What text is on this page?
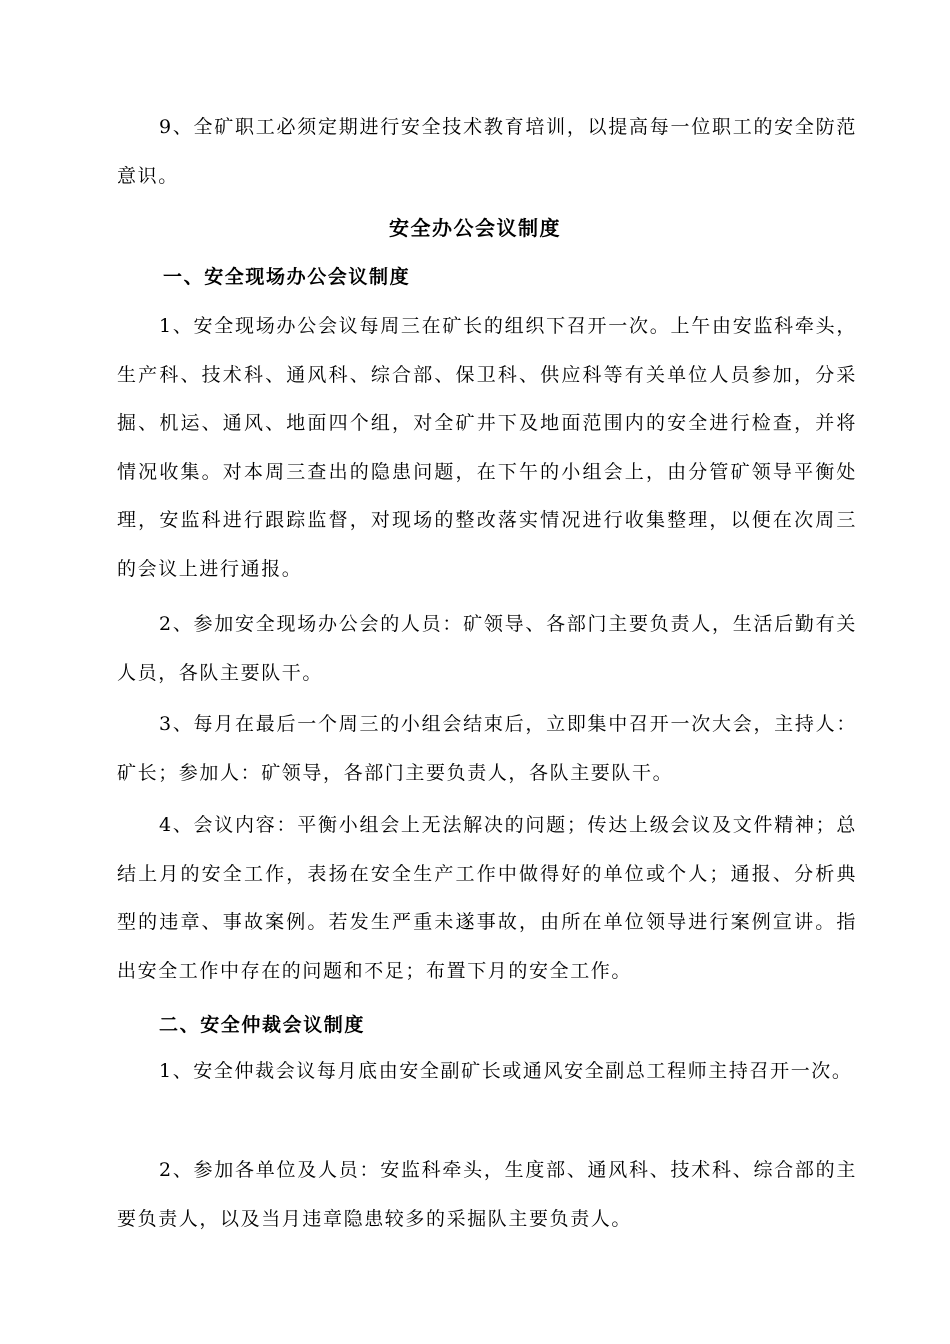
9、全矿职工必须定期进行安全技术教育培训，以提高每一位职工的安全防范意识。

安全办公会议制度
一、安全现场办公会议制度

1、安全现场办公会议每周三在矿长的组织下召开一次。上午由安监科牵头，生产科、技术科、通风科、综合部、保卫科、供应科等有关单位人员参加，分采掘、机运、通风、地面四个组，对全矿井下及地面范围内的安全进行检查，并将情况收集。对本周三查出的隐患问题，在下午的小组会上，由分管矿领导平衡处理，安监科进行跟踪监督，对现场的整改落实情况进行收集整理，以便在次周三的会议上进行通报。

2、参加安全现场办公会的人员：矿领导、各部门主要负责人，生活后勤有关人员，各队主要队干。

3、每月在最后一个周三的小组会结束后，立即集中召开一次大会，主持人：矿长；参加人：矿领导，各部门主要负责人，各队主要队干。

4、会议内容：平衡小组会上无法解决的问题；传达上级会议及文件精神；总结上月的安全工作，表扬在安全生产工作中做得好的单位或个人；通报、分析典型的违章、事故案例。若发生严重未遂事故，由所在单位领导进行案例宣讲。指出安全工作中存在的问题和不足；布置下月的安全工作。

二、安全仲裁会议制度

1、安全仲裁会议每月底由安全副矿长或通风安全副总工程师主持召开一次。

2、参加各单位及人员：安监科牵头，生度部、通风科、技术科、综合部的主要负责人，以及当月违章隐患较多的采掘队主要负责人。
